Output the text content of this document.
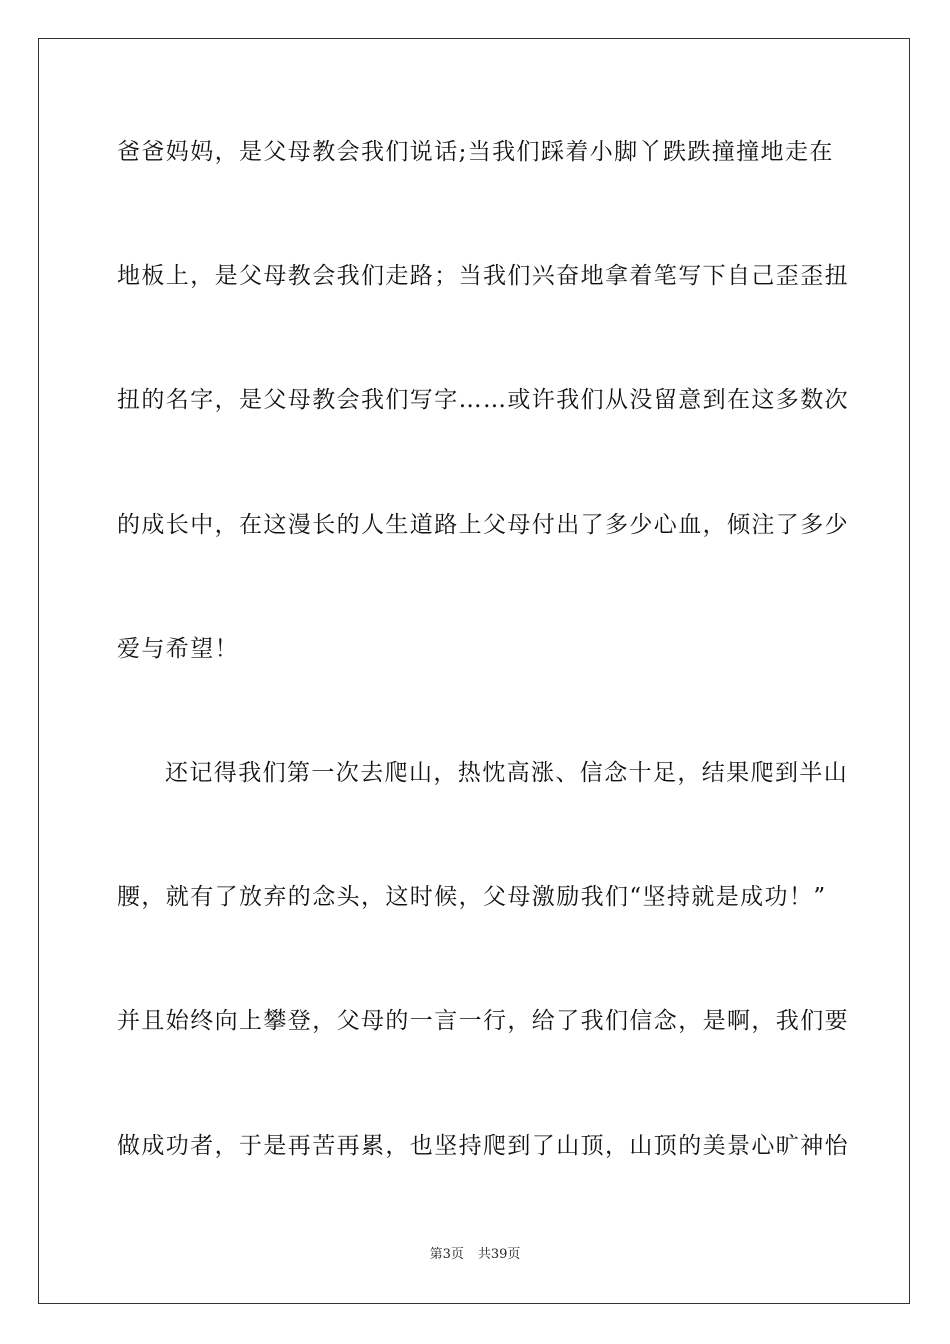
爸爸妈妈，是父母教会我们说话;当我们踩着小脚丫跌跌撞撞地走在
地板上，是父母教会我们走路；当我们兴奋地拿着笔写下自己歪歪扭
扭的名字，是父母教会我们写字……或许我们从没留意到在这多数次
的成长中，在这漫长的人生道路上父母付出了多少心血，倾注了多少
爱与希望！
还记得我们第一次去爬山，热忱高涨、信念十足，结果爬到半山
腰，就有了放弃的念头，这时候，父母激励我们“坚持就是成功！”
并且始终向上攀登，父母的一言一行，给了我们信念，是啊，我们要
做成功者，于是再苦再累，也坚持爬到了山顶，山顶的美景心旷神怡
第3页 共39页
